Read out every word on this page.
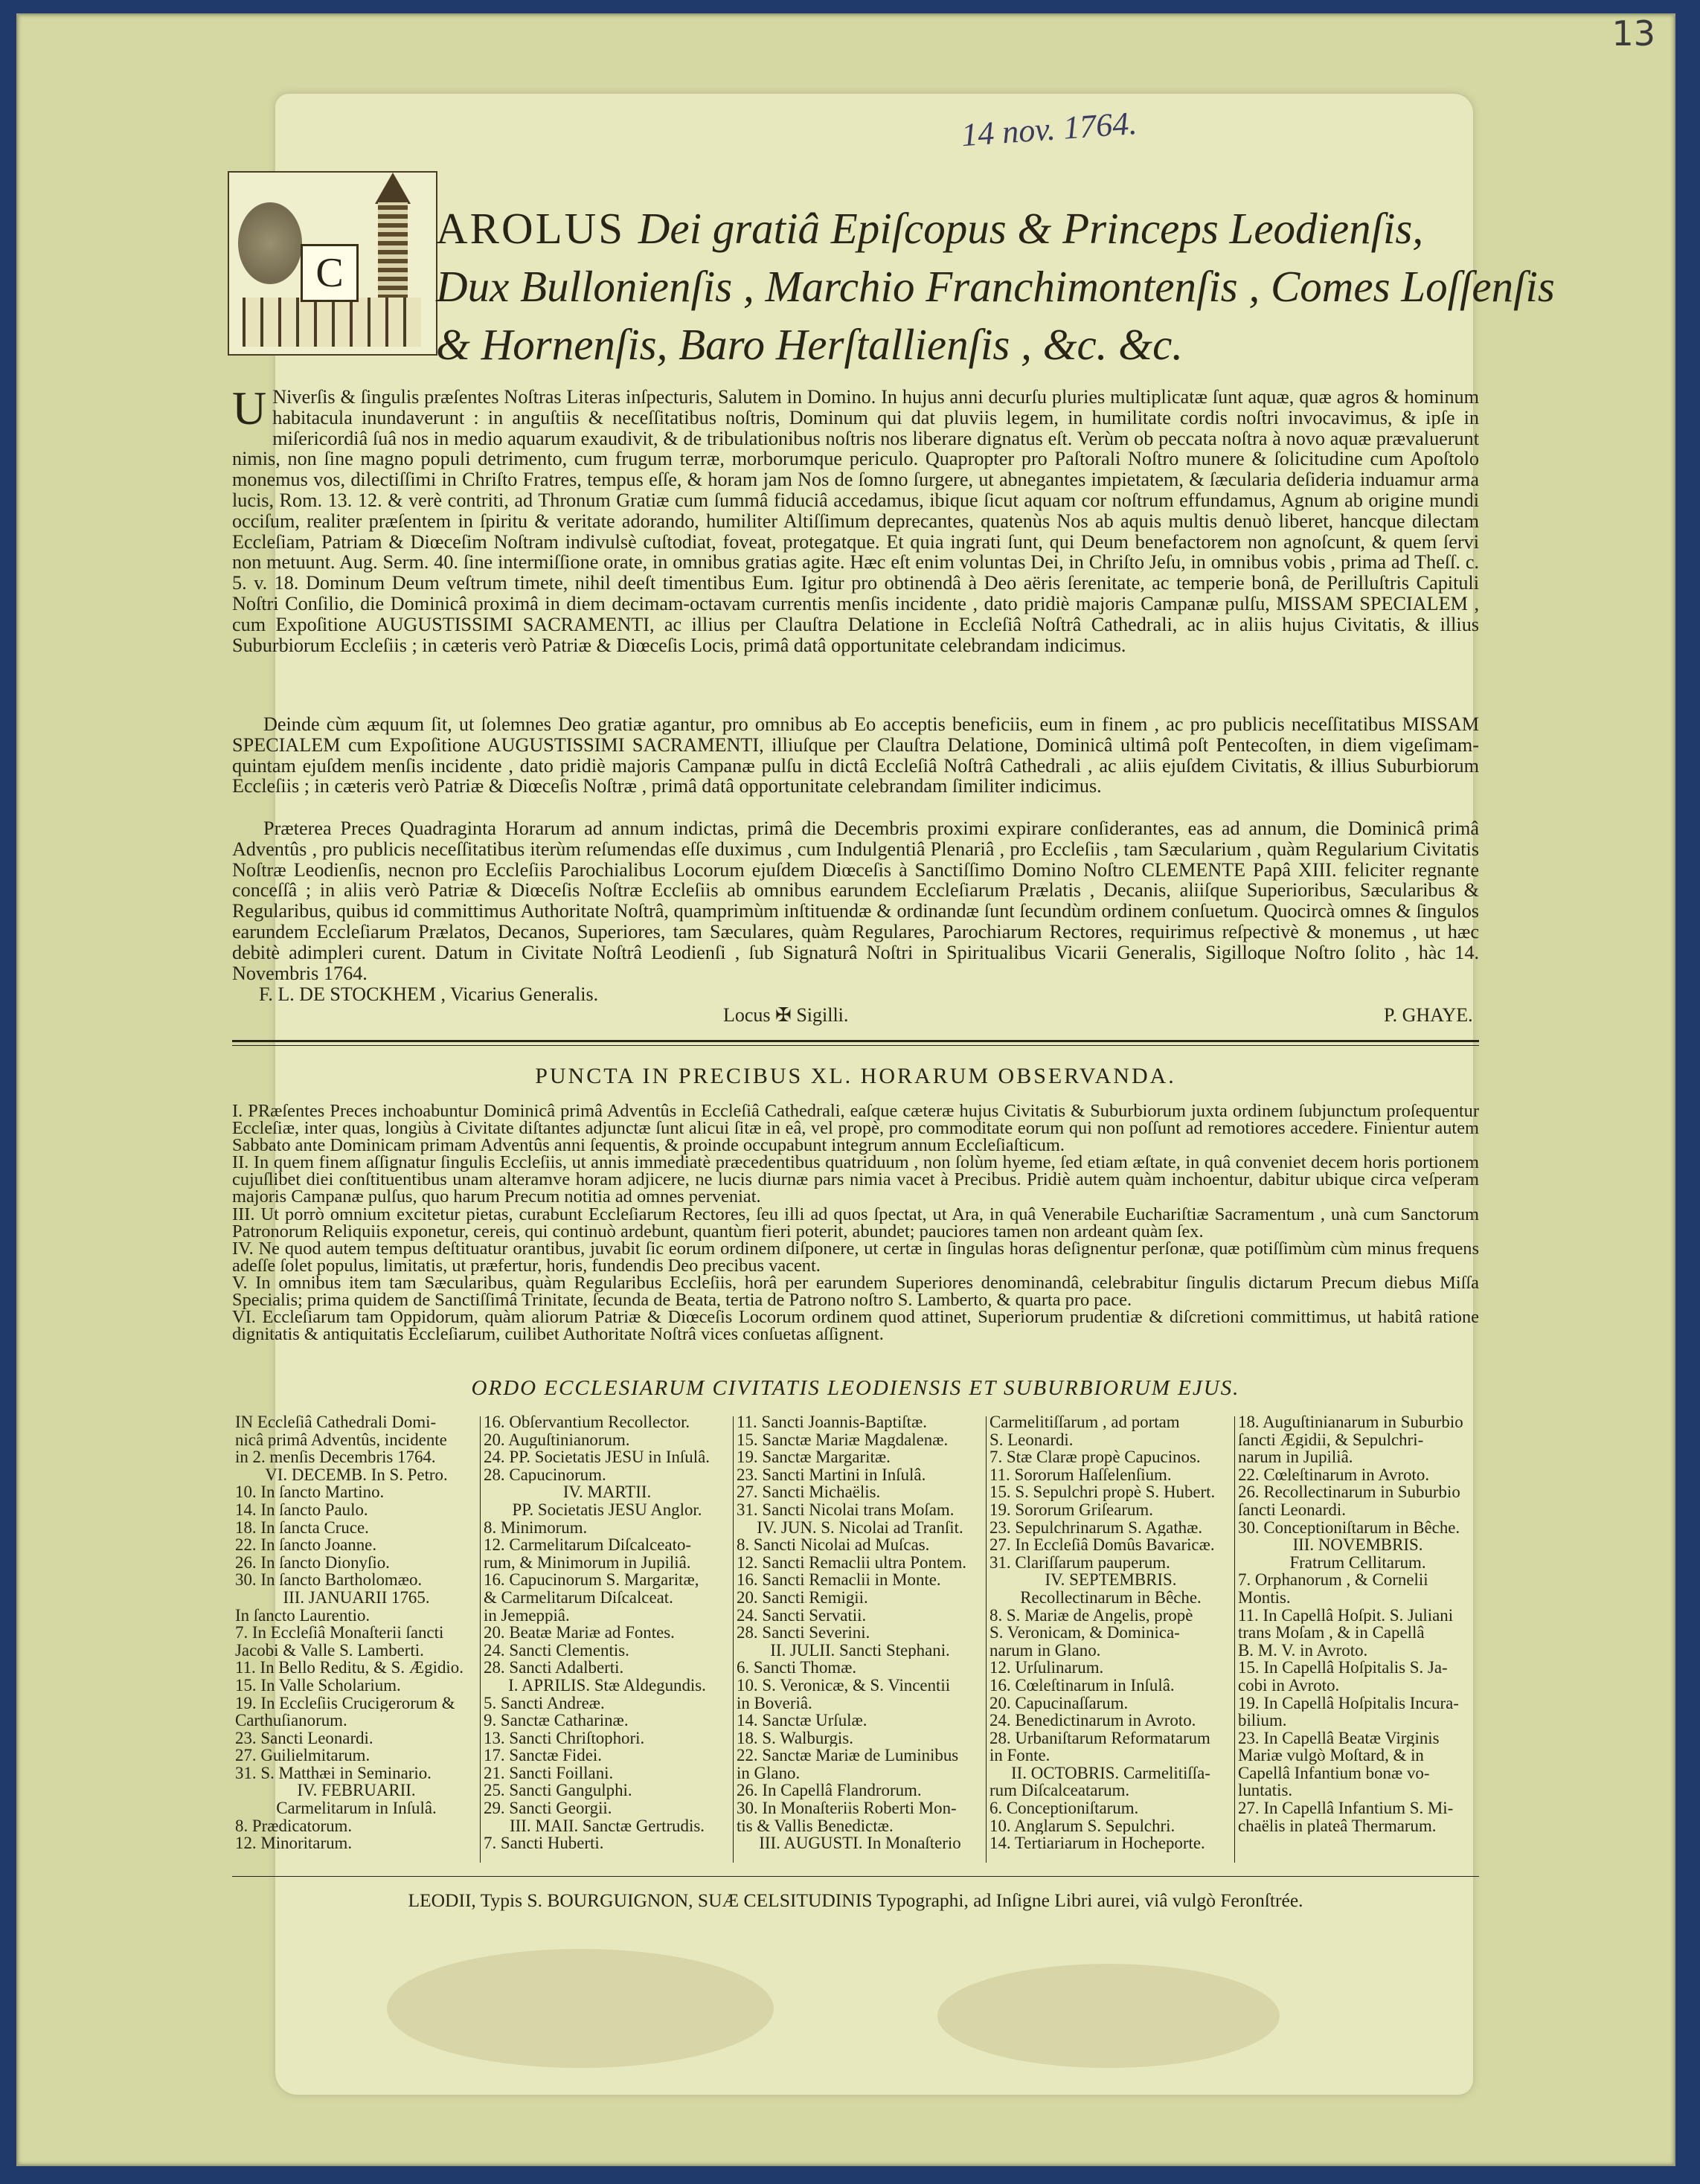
13
14 nov. 1764.
C
AROLUS Dei gratiâ Epiſcopus & Princeps Leodienſis,
Dux Bullonienſis , Marchio Franchimontenſis , Comes Loſſenſis
& Hornenſis, Baro Herſtallienſis , &c. &c.

U Niverſis & ſingulis præſentes Noſtras Literas inſpecturis, Salutem in Domino. In hujus anni decurſu pluries multiplicatæ ſunt aquæ, quæ agros & hominum habitacula inundaverunt : in anguſtiis & neceſſitatibus noſtris, Dominum qui dat pluviis legem, in humilitate cordis noſtri invocavimus, & ipſe in miſericordiâ ſuâ nos in medio aquarum exaudivit, & de tribulationibus noſtris nos liberare dignatus eſt. Verùm ob peccata noſtra à novo aquæ prævaluerunt nimis, non ſine magno populi detrimento, cum frugum terræ, morborumque periculo. Quapropter pro Paſtorali Noſtro munere & ſolicitudine cum Apoſtolo monemus vos, dilectiſſimi in Chriſto Fratres, tempus eſſe, & horam jam Nos de ſomno ſurgere, ut abnegantes impietatem, & ſæcularia deſideria induamur arma lucis, Rom. 13. 12. & verè contriti, ad Thronum Gratiæ cum ſummâ fiduciâ accedamus, ibique ſicut aquam cor noſtrum effundamus, Agnum ab origine mundi occiſum, realiter præſentem in ſpiritu & veritate adorando, humiliter Altiſſimum deprecantes, quatenùs Nos ab aquis multis denuò liberet, hancque dilectam Eccleſiam, Patriam & Diœceſim Noſtram indivulsè cuſtodiat, foveat, protegatque. Et quia ingrati ſunt, qui Deum benefactorem non agnoſcunt, & quem ſervi non metuunt. Aug. Serm. 40. ſine intermiſſione orate, in omnibus gratias agite. Hæc eſt enim voluntas Dei, in Chriſto Jeſu, in omnibus vobis , prima ad Theſſ. c. 5. v. 18. Dominum Deum veſtrum timete, nihil deeſt timentibus Eum. Igitur pro obtinendâ à Deo aëris ſerenitate, ac temperie bonâ, de Perilluſtris Capituli Noſtri Conſilio, die Dominicâ proximâ in diem decimam-octavam currentis menſis incidente , dato pridiè majoris Campanæ pulſu, MISSAM SPECIALEM , cum Expoſitione AUGUSTISSIMI SACRAMENTI, ac illius per Clauſtra Delatione in Eccleſiâ Noſtrâ Cathedrali, ac in aliis hujus Civitatis, & illius Suburbiorum Eccleſiis ; in cæteris verò Patriæ & Diœceſis Locis, primâ datâ opportunitate celebrandam indicimus.

Deinde cùm æquum ſit, ut ſolemnes Deo gratiæ agantur, pro omnibus ab Eo acceptis beneficiis, eum in finem , ac pro publicis neceſſitatibus MISSAM SPECIALEM cum Expoſitione AUGUSTISSIMI SACRAMENTI, illiuſque per Clauſtra Delatione, Dominicâ ultimâ poſt Pentecoſten, in diem vigeſimam-quintam ejuſdem menſis incidente , dato pridiè majoris Campanæ pulſu in dictâ Eccleſiâ Noſtrâ Cathedrali , ac aliis ejuſdem Civitatis, & illius Suburbiorum Eccleſiis ; in cæteris verò Patriæ & Diœceſis Noſtræ , primâ datâ opportunitate celebrandam ſimiliter indicimus.

Præterea Preces Quadraginta Horarum ad annum indictas, primâ die Decembris proximi expirare conſiderantes, eas ad annum, die Dominicâ primâ Adventûs , pro publicis neceſſitatibus iterùm reſumendas eſſe duximus , cum Indulgentiâ Plenariâ , pro Eccleſiis , tam Sæcularium , quàm Regularium Civitatis Noſtræ Leodienſis, necnon pro Eccleſiis Parochialibus Locorum ejuſdem Diœceſis à Sanctiſſimo Domino Noſtro CLEMENTE Papâ XIII. feliciter regnante conceſſâ ; in aliis verò Patriæ & Diœceſis Noſtræ Eccleſiis ab omnibus earundem Eccleſiarum Prælatis , Decanis, aliiſque Superioribus, Sæcularibus & Regularibus, quibus id committimus Authoritate Noſtrâ, quamprimùm inſtituendæ & ordinandæ ſunt ſecundùm ordinem conſuetum. Quocircà omnes & ſingulos earundem Eccleſiarum Prælatos, Decanos, Superiores, tam Sæculares, quàm Regulares, Parochiarum Rectores, requirimus reſpectivè & monemus , ut hæc debitè adimpleri curent. Datum in Civitate Noſtrâ Leodienſi , ſub Signaturâ Noſtri in Spiritualibus Vicarii Generalis, Sigilloque Noſtro ſolito , hàc 14. Novembris 1764.

F. L. DE STOCKHEM , Vicarius Generalis.
Locus ✠ Sigilli.	P. GHAYE.
PUNCTA IN PRECIBUS XL. HORARUM OBSERVANDA.

I. PRæſentes Preces inchoabuntur Dominicâ primâ Adventûs in Eccleſiâ Cathedrali, eaſque cæteræ hujus Civitatis & Suburbiorum juxta ordinem ſubjunctum proſequentur Eccleſiæ, inter quas, longiùs à Civitate diſtantes adjunctæ ſunt alicui ſitæ in eâ, vel propè, pro commoditate eorum qui non poſſunt ad remotiores accedere. Finientur autem Sabbato ante Dominicam primam Adventûs anni ſequentis, & proinde occupabunt integrum annum Eccleſiaſticum.

II. In quem finem aſſignatur ſingulis Eccleſiis, ut annis immediatè præcedentibus quatriduum , non ſolùm hyeme, ſed etiam æſtate, in quâ conveniet decem horis portionem cujuſlibet diei conſtituentibus unam alteramve horam adjicere, ne lucis diurnæ pars nimia vacet à Precibus. Pridiè autem quàm inchoentur, dabitur ubique circa veſperam majoris Campanæ pulſus, quo harum Precum notitia ad omnes perveniat.

III. Ut porrò omnium excitetur pietas, curabunt Eccleſiarum Rectores, ſeu illi ad quos ſpectat, ut Ara, in quâ Venerabile Euchariſtiæ Sacramentum , unà cum Sanctorum Patronorum Reliquiis exponetur, cereis, qui continuò ardebunt, quantùm fieri poterit, abundet; pauciores tamen non ardeant quàm ſex.

IV. Ne quod autem tempus deſtituatur orantibus, juvabit ſic eorum ordinem diſponere, ut certæ in ſingulas horas deſignentur perſonæ, quæ potiſſimùm cùm minus frequens adeſſe ſolet populus, limitatis, ut præfertur, horis, fundendis Deo precibus vacent.

V. In omnibus item tam Sæcularibus, quàm Regularibus Eccleſiis, horâ per earundem Superiores denominandâ, celebrabitur ſingulis dictarum Precum diebus Miſſa Specialis; prima quidem de Sanctiſſimâ Trinitate, ſecunda de Beata, tertia de Patrono noſtro S. Lamberto, & quarta pro pace.

VI. Eccleſiarum tam Oppidorum, quàm aliorum Patriæ & Diœceſis Locorum ordinem quod attinet, Superiorum prudentiæ & diſcretioni committimus, ut habitâ ratione dignitatis & antiquitatis Eccleſiarum, cuilibet Authoritate Noſtrâ vices conſuetas aſſignent.

ORDO ECCLESIARUM CIVITATIS LEODIENSIS ET SUBURBIORUM EJUS.
IN Eccleſiâ Cathedrali Domi-
nicâ primâ Adventûs, incidente
in 2. menſis Decembris 1764.
VI. DECEMB. In S. Petro.
10. In ſancto Martino.
14. In ſancto Paulo.
18. In ſancta Cruce.
22. In ſancto Joanne.
26. In ſancto Dionyſio.
30. In ſancto Bartholomæo.
III. JANUARII 1765.
In ſancto Laurentio.
7. In Eccleſiâ Monaſterii ſancti
Jacobi & Valle S. Lamberti.
11. In Bello Reditu, & S. Ægidio.
15. In Valle Scholarium.
19. In Eccleſiis Crucigerorum &
Carthuſianorum.
23. Sancti Leonardi.
27. Guilielmitarum.
31. S. Matthæi in Seminario.
IV. FEBRUARII.
Carmelitarum in Inſulâ.
8. Prædicatorum.
12. Minoritarum.
16. Obſervantium Recollector.
20. Auguſtinianorum.
24. PP. Societatis JESU in Inſulâ.
28. Capucinorum.
IV. MARTII.
PP. Societatis JESU Anglor.
8. Minimorum.
12. Carmelitarum Diſcalceato-
rum, & Minimorum in Jupiliâ.
16. Capucinorum S. Margaritæ,
& Carmelitarum Diſcalceat.
in Jemeppiâ.
20. Beatæ Mariæ ad Fontes.
24. Sancti Clementis.
28. Sancti Adalberti.
I. APRILIS. Stæ Aldegundis.
5. Sancti Andreæ.
9. Sanctæ Catharinæ.
13. Sancti Chriſtophori.
17. Sanctæ Fidei.
21. Sancti Foillani.
25. Sancti Gangulphi.
29. Sancti Georgii.
III. MAII. Sanctæ Gertrudis.
7. Sancti Huberti.
11. Sancti Joannis-Baptiſtæ.
15. Sanctæ Mariæ Magdalenæ.
19. Sanctæ Margaritæ.
23. Sancti Martini in Inſulâ.
27. Sancti Michaëlis.
31. Sancti Nicolai trans Moſam.
IV. JUN. S. Nicolai ad Tranſit.
8. Sancti Nicolai ad Muſcas.
12. Sancti Remaclii ultra Pontem.
16. Sancti Remaclii in Monte.
20. Sancti Remigii.
24. Sancti Servatii.
28. Sancti Severini.
II. JULII. Sancti Stephani.
6. Sancti Thomæ.
10. S. Veronicæ, & S. Vincentii
in Boveriâ.
14. Sanctæ Urſulæ.
18. S. Walburgis.
22. Sanctæ Mariæ de Luminibus
in Glano.
26. In Capellâ Flandrorum.
30. In Monaſteriis Roberti Mon-
tis & Vallis Benedictæ.
III. AUGUSTI. In Monaſterio
Carmelitiſſarum , ad portam
S. Leonardi.
7. Stæ Claræ propè Capucinos.
11. Sororum Haſſelenſium.
15. S. Sepulchri propè S. Hubert.
19. Sororum Griſearum.
23. Sepulchrinarum S. Agathæ.
27. In Eccleſiâ Domûs Bavaricæ.
31. Clariſſarum pauperum.
IV. SEPTEMBRIS.
Recollectinarum in Bêche.
8. S. Mariæ de Angelis, propè
S. Veronicam, & Dominica-
narum in Glano.
12. Urſulinarum.
16. Cœleſtinarum in Inſulâ.
20. Capucinaſſarum.
24. Benedictinarum in Avroto.
28. Urbaniſtarum Reformatarum
in Fonte.
II. OCTOBRIS. Carmelitiſſa-
rum Diſcalceatarum.
6. Conceptioniſtarum.
10. Anglarum S. Sepulchri.
14. Tertiariarum in Hocheporte.
18. Auguſtinianarum in Suburbio
ſancti Ægidii, & Sepulchri-
narum in Jupiliâ.
22. Cœleſtinarum in Avroto.
26. Recollectinarum in Suburbio
ſancti Leonardi.
30. Conceptioniſtarum in Bêche.
III. NOVEMBRIS.
Fratrum Cellitarum.
7. Orphanorum , & Cornelii
Montis.
11. In Capellâ Hoſpit. S. Juliani
trans Moſam , & in Capellâ
B. M. V. in Avroto.
15. In Capellâ Hoſpitalis S. Ja-
cobi in Avroto.
19. In Capellâ Hoſpitalis Incura-
bilium.
23. In Capellâ Beatæ Virginis
Mariæ vulgò Moſtard, & in
Capellâ Infantium bonæ vo-
luntatis.
27. In Capellâ Infantium S. Mi-
chaëlis in plateâ Thermarum.
LEODII, Typis S. BOURGUIGNON, SUÆ CELSITUDINIS Typographi, ad Inſigne Libri aurei, viâ vulgò Feronſtrée.
